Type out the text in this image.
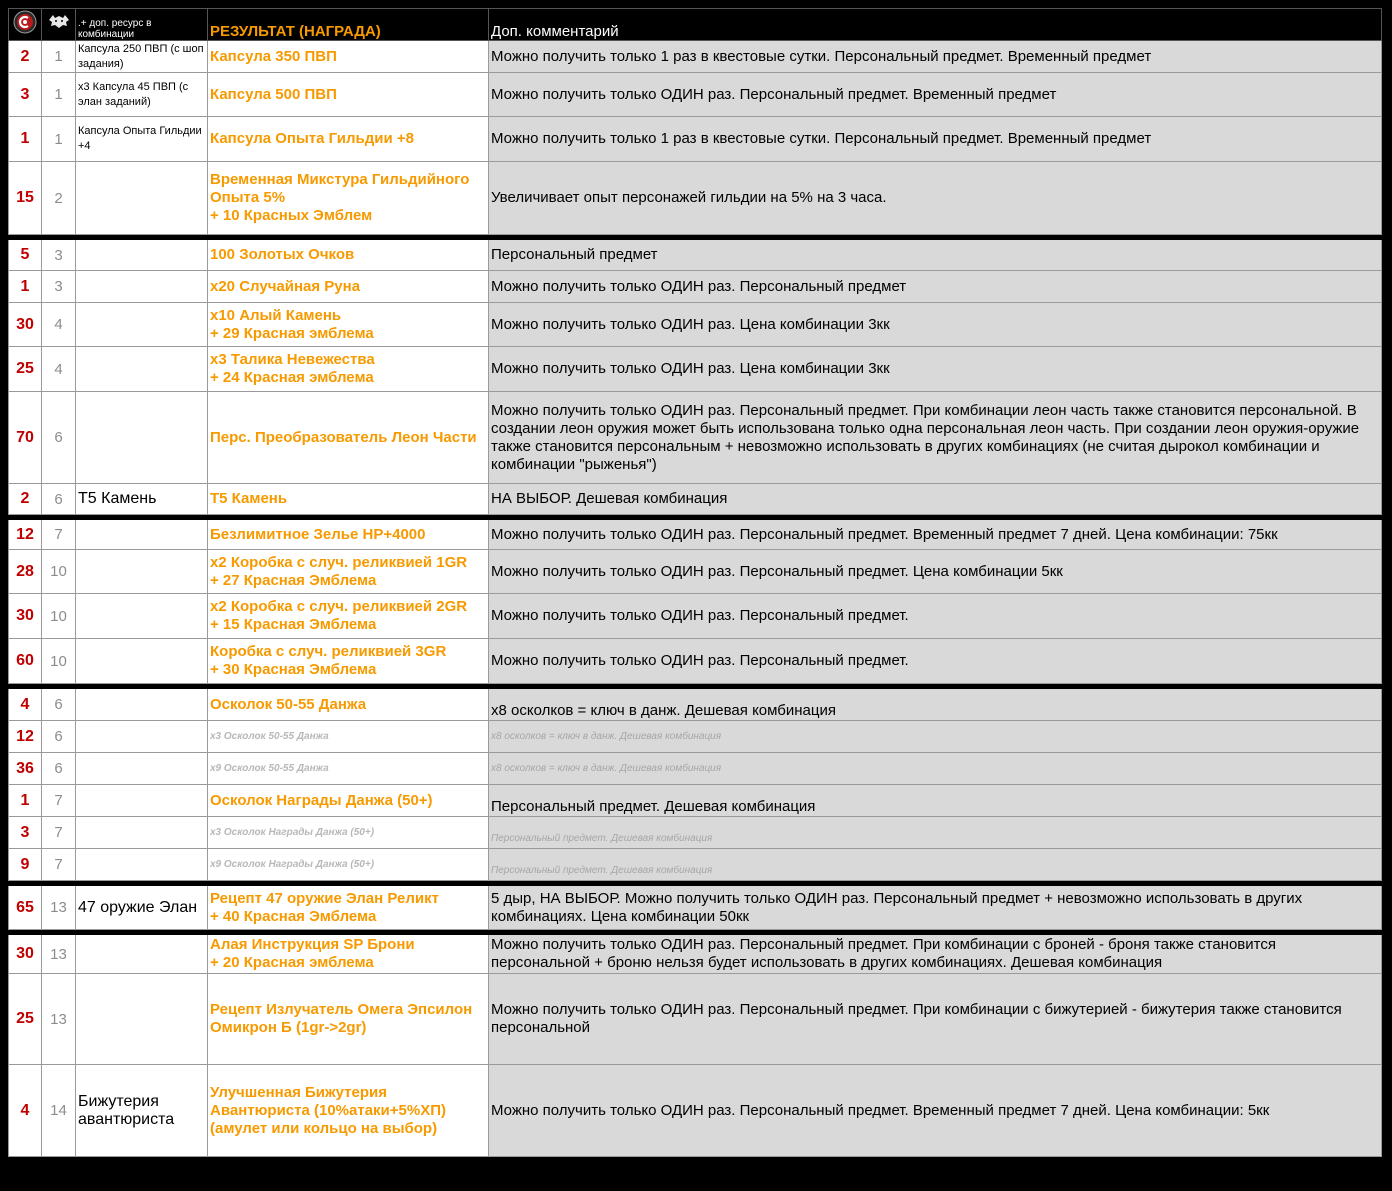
		.+ доп. ресурс в комбинации	РЕЗУЛЬТАТ (НАГРАДА)	Доп. комментарий
2	1	Капсула 250 ПВП (с шоп задания)	Капсула 350 ПВП	Можно получить только 1 раз в квестовые сутки. Персональный предмет. Временный предмет
3	1	x3 Капсула 45 ПВП (с элан заданий)	Капсула 500 ПВП	Можно получить только ОДИН раз. Персональный предмет. Временный предмет
1	1	Капсула Опыта Гильдии +4	Капсула Опыта Гильдии +8	Можно получить только 1 раз в квестовые сутки. Персональный предмет. Временный предмет
15	2		Временная Микстура Гильдийного Опыта 5%
+ 10 Красных Эмблем	Увеличивает опыт персонажей гильдии на 5% на 3 часа.

5	3		100 Золотых Очков	Персональный предмет
1	3		x20 Случайная Руна	Можно получить только ОДИН раз. Персональный предмет
30	4		x10 Алый Камень
+ 29 Красная эмблема	Можно получить только ОДИН раз. Цена комбинации 3кк
25	4		x3 Талика Невежества
+ 24 Красная эмблема	Можно получить только ОДИН раз. Цена комбинации 3кк
70	6		Перс. Преобразователь Леон Части	Можно получить только ОДИН раз. Персональный предмет. При комбинации леон часть также становится персональной. В создании леон оружия может быть использована только одна персональная леон часть. При создании леон оружия-оружие также становится персональным + невозможно использовать в других комбинациях (не считая дырокол комбинации и комбинации "рыженья")
2	6	Т5 Камень	Т5 Камень	НА ВЫБОР. Дешевая комбинация

12	7		Безлимитное Зелье HP+4000	Можно получить только ОДИН раз. Персональный предмет. Временный предмет 7 дней. Цена комбинации: 75кк
28	10		x2 Коробка с случ. реликвией 1GR
+ 27 Красная Эмблема	Можно получить только ОДИН раз. Персональный предмет. Цена комбинации 5кк
30	10		x2 Коробка с случ. реликвией 2GR
+ 15 Красная Эмблема	Можно получить только ОДИН раз. Персональный предмет.
60	10		Коробка с случ. реликвией 3GR
+ 30 Красная Эмблема	Можно получить только ОДИН раз. Персональный предмет.

4	6		Осколок 50-55 Данжа	x8 осколков = ключ в данж. Дешевая комбинация
12	6		x3 Осколок 50-55 Данжа	x8 осколков = ключ в данж. Дешевая комбинация
36	6		x9 Осколок 50-55 Данжа	x8 осколков = ключ в данж. Дешевая комбинация
1	7		Осколок Награды Данжа (50+)	Персональный предмет. Дешевая комбинация
3	7		x3 Осколок Награды Данжа (50+)	Персональный предмет. Дешевая комбинация
9	7		x9 Осколок Награды Данжа (50+)	Персональный предмет. Дешевая комбинация

65	13	47 оружие Элан	Рецепт 47 оружие Элан Реликт
+ 40 Красная Эмблема	5 дыр, НА ВЫБОР. Можно получить только ОДИН раз. Персональный предмет + невозможно использовать в других комбинациях. Цена комбинации 50кк

30	13		Алая Инструкция SP Брони
+ 20 Красная эмблема	Можно получить только ОДИН раз. Персональный предмет. При комбинации с броней - броня также становится персональной + броню нельзя будет использовать в других комбинациях. Дешевая комбинация
25	13		Рецепт Излучатель Омега Эпсилон Омикрон Б (1gr->2gr)	Можно получить только ОДИН раз. Персональный предмет. При комбинации с бижутерией - бижутерия также становится персональной
4	14	Бижутерия авантюриста	Улучшенная Бижутерия Авантюриста (10%атаки+5%ХП)(амулет или кольцо на выбор)	Можно получить только ОДИН раз. Персональный предмет. Временный предмет 7 дней. Цена комбинации: 5кк
